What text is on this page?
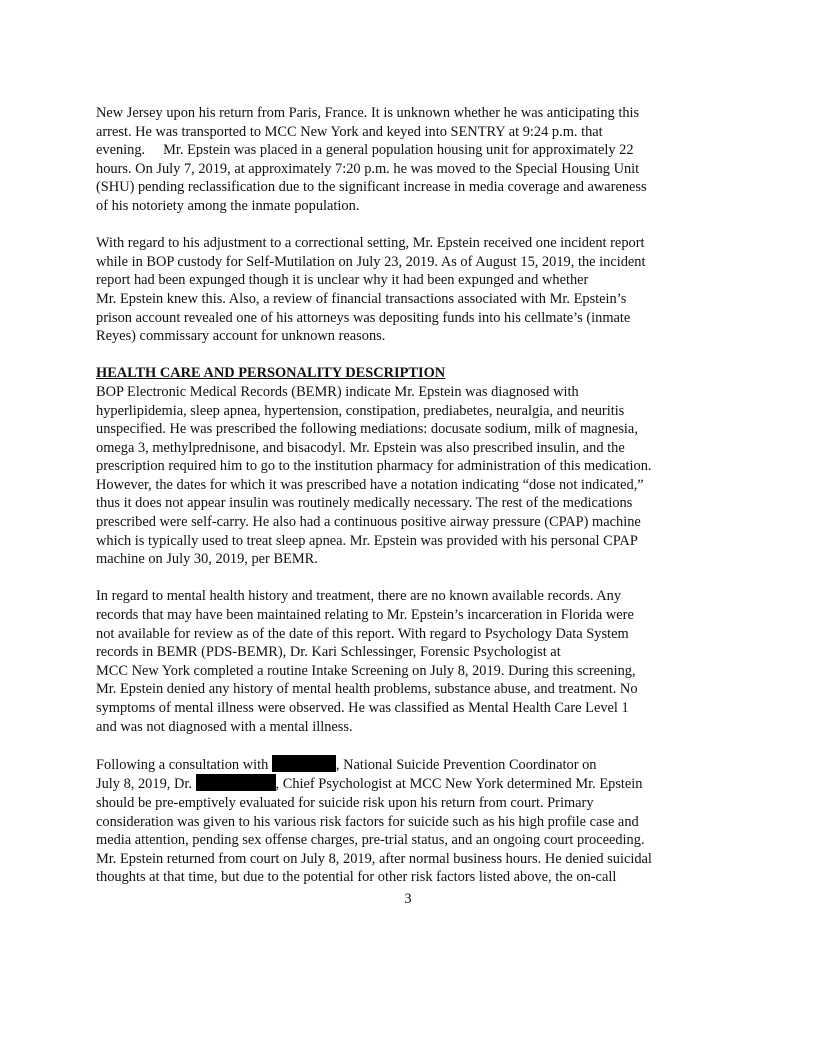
New Jersey upon his return from Paris, France. It is unknown whether he was anticipating this
arrest. He was transported to MCC New York and keyed into SENTRY at 9:24 p.m. that
evening.     Mr. Epstein was placed in a general population housing unit for approximately 22
hours. On July 7, 2019, at approximately 7:20 p.m. he was moved to the Special Housing Unit
(SHU) pending reclassification due to the significant increase in media coverage and awareness
of his notoriety among the inmate population.
With regard to his adjustment to a correctional setting, Mr. Epstein received one incident report
while in BOP custody for Self-Mutilation on July 23, 2019. As of August 15, 2019, the incident
report had been expunged though it is unclear why it had been expunged and whether
Mr. Epstein knew this. Also, a review of financial transactions associated with Mr. Epstein’s
prison account revealed one of his attorneys was depositing funds into his cellmate’s (inmate
Reyes) commissary account for unknown reasons.
HEALTH CARE AND PERSONALITY DESCRIPTION
BOP Electronic Medical Records (BEMR) indicate Mr. Epstein was diagnosed with
hyperlipidemia, sleep apnea, hypertension, constipation, prediabetes, neuralgia, and neuritis
unspecified. He was prescribed the following mediations: docusate sodium, milk of magnesia,
omega 3, methylprednisone, and bisacodyl. Mr. Epstein was also prescribed insulin, and the
prescription required him to go to the institution pharmacy for administration of this medication.
However, the dates for which it was prescribed have a notation indicating “dose not indicated,”
thus it does not appear insulin was routinely medically necessary. The rest of the medications
prescribed were self-carry. He also had a continuous positive airway pressure (CPAP) machine
which is typically used to treat sleep apnea. Mr. Epstein was provided with his personal CPAP
machine on July 30, 2019, per BEMR.
In regard to mental health history and treatment, there are no known available records. Any
records that may have been maintained relating to Mr. Epstein’s incarceration in Florida were
not available for review as of the date of this report. With regard to Psychology Data System
records in BEMR (PDS-BEMR), Dr. Kari Schlessinger, Forensic Psychologist at
MCC New York completed a routine Intake Screening on July 8, 2019. During this screening,
Mr. Epstein denied any history of mental health problems, substance abuse, and treatment. No
symptoms of mental illness were observed. He was classified as Mental Health Care Level 1
and was not diagnosed with a mental illness.
Following a consultation with	, National Suicide Prevention Coordinator on
July 8, 2019, Dr.	, Chief Psychologist at MCC New York determined Mr. Epstein
should be pre-emptively evaluated for suicide risk upon his return from court. Primary
consideration was given to his various risk factors for suicide such as his high profile case and
media attention, pending sex offense charges, pre-trial status, and an ongoing court proceeding.
Mr. Epstein returned from court on July 8, 2019, after normal business hours. He denied suicidal
thoughts at that time, but due to the potential for other risk factors listed above, the on-call
3
